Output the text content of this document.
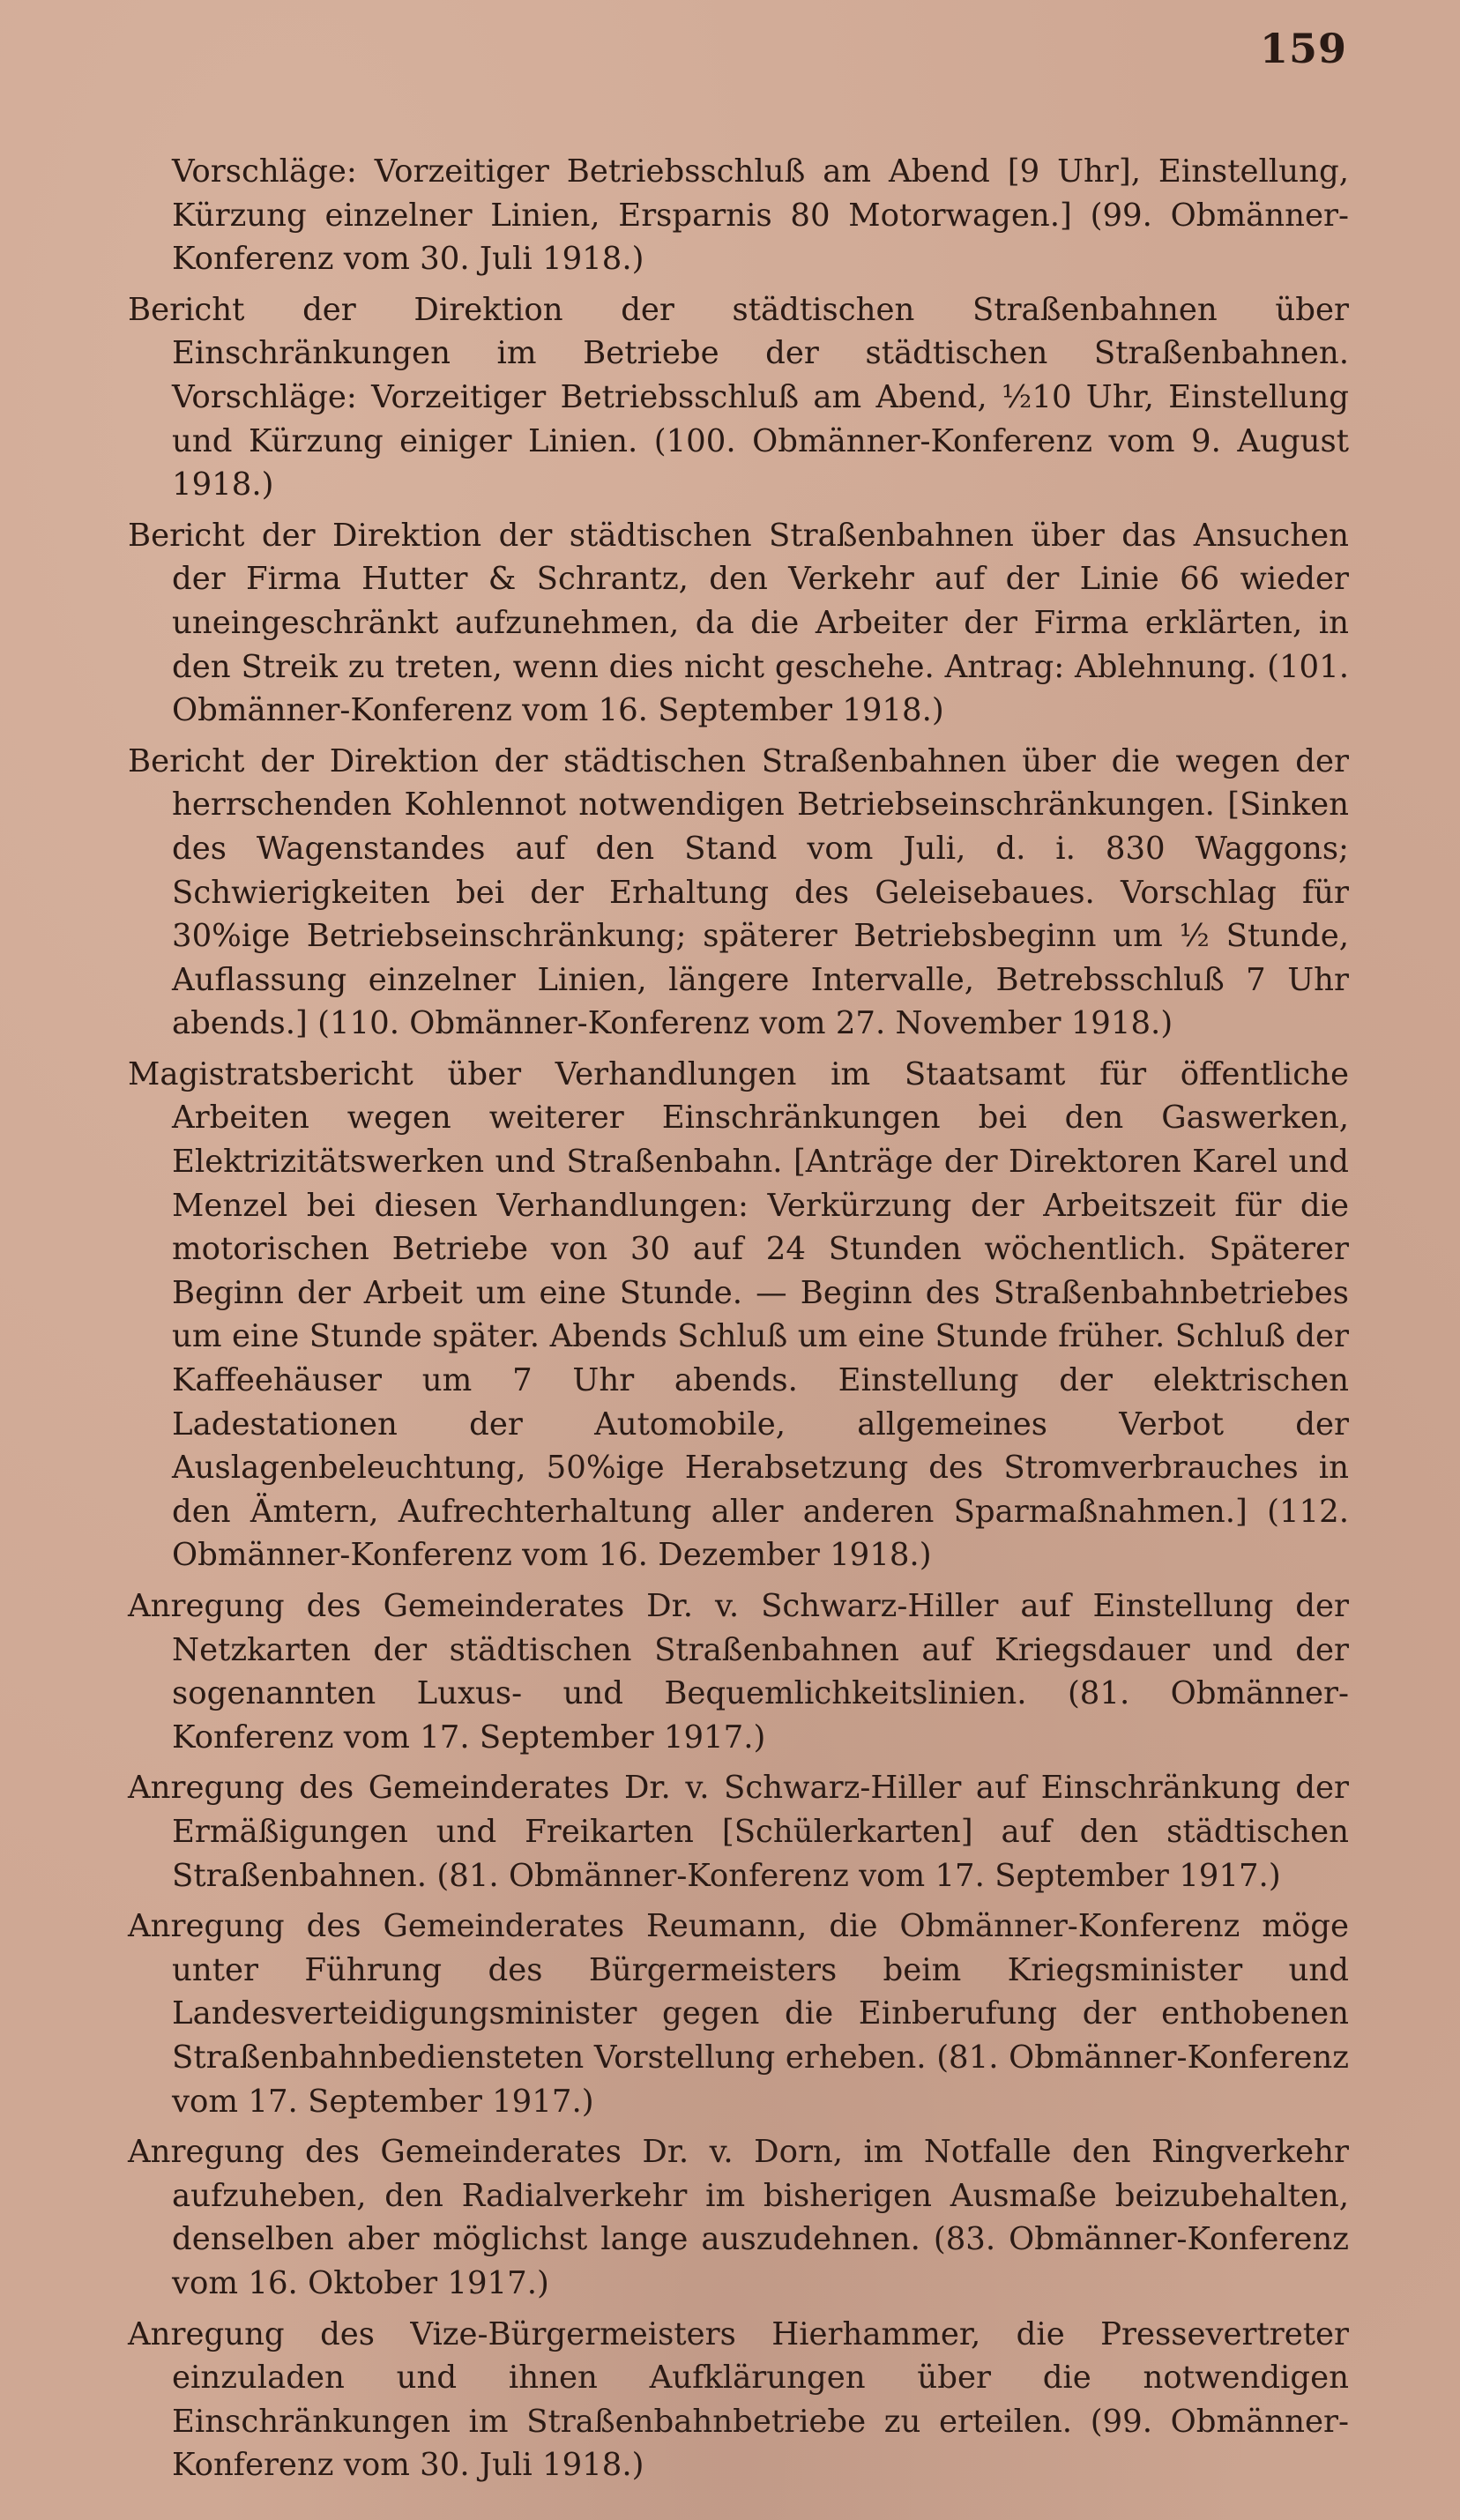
159

Vorschläge: Vorzeitiger Betriebsschluß am Abend [9 Uhr], Einstellung, Kürzung einzelner Linien, Ersparnis 80 Motorwagen.] (99. Obmänner-Konferenz vom 30. Juli 1918.)

Bericht der Direktion der städtischen Straßenbahnen über Einschränkungen im Betriebe der städtischen Straßenbahnen. Vorschläge: Vorzeitiger Betriebsschluß am Abend, ½10 Uhr, Einstellung und Kürzung einiger Linien. (100. Obmänner-Konferenz vom 9. August 1918.)

Bericht der Direktion der städtischen Straßenbahnen über das Ansuchen der Firma Hutter & Schrantz, den Verkehr auf der Linie 66 wieder uneingeschränkt aufzunehmen, da die Arbeiter der Firma erklärten, in den Streik zu treten, wenn dies nicht geschehe. Antrag: Ablehnung. (101. Obmänner-Konferenz vom 16. September 1918.)

Bericht der Direktion der städtischen Straßenbahnen über die wegen der herrschenden Kohlennot notwendigen Betriebseinschränkungen. [Sinken des Wagenstandes auf den Stand vom Juli, d. i. 830 Waggons; Schwierigkeiten bei der Erhaltung des Geleisebaues. Vorschlag für 30%ige Betriebseinschränkung; späterer Betriebsbeginn um ½ Stunde, Auflassung einzelner Linien, längere Intervalle, Betrebsschluß 7 Uhr abends.] (110. Obmänner-Konferenz vom 27. November 1918.)

Magistratsbericht über Verhandlungen im Staatsamt für öffentliche Arbeiten wegen weiterer Einschränkungen bei den Gaswerken, Elektrizitätswerken und Straßenbahn. [Anträge der Direktoren Karel und Menzel bei diesen Verhandlungen: Verkürzung der Arbeitszeit für die motorischen Betriebe von 30 auf 24 Stunden wöchentlich. Späterer Beginn der Arbeit um eine Stunde. — Beginn des Straßenbahnbetriebes um eine Stunde später. Abends Schluß um eine Stunde früher. Schluß der Kaffeehäuser um 7 Uhr abends. Einstellung der elektrischen Ladestationen der Automobile, allgemeines Verbot der Auslagenbeleuchtung, 50%ige Herabsetzung des Stromverbrauches in den Ämtern, Aufrechterhaltung aller anderen Sparmaßnahmen.] (112. Obmänner-Konferenz vom 16. Dezember 1918.)

Anregung des Gemeinderates Dr. v. Schwarz-Hiller auf Einstellung der Netzkarten der städtischen Straßenbahnen auf Kriegsdauer und der sogenannten Luxus- und Bequemlichkeitslinien. (81. Obmänner-Konferenz vom 17. September 1917.)

Anregung des Gemeinderates Dr. v. Schwarz-Hiller auf Einschränkung der Ermäßigungen und Freikarten [Schülerkarten] auf den städtischen Straßenbahnen. (81. Obmänner-Konferenz vom 17. September 1917.)

Anregung des Gemeinderates Reumann, die Obmänner-Konferenz möge unter Führung des Bürgermeisters beim Kriegsminister und Landesverteidigungsminister gegen die Einberufung der enthobenen Straßenbahnbediensteten Vorstellung erheben. (81. Obmänner-Konferenz vom 17. September 1917.)

Anregung des Gemeinderates Dr. v. Dorn, im Notfalle den Ringverkehr aufzuheben, den Radialverkehr im bisherigen Ausmaße beizubehalten, denselben aber möglichst lange auszudehnen. (83. Obmänner-Konferenz vom 16. Oktober 1917.)

Anregung des Vize-Bürgermeisters Hierhammer, die Pressevertreter einzuladen und ihnen Aufklärungen über die notwendigen Einschränkungen im Straßenbahnbetriebe zu erteilen. (99. Obmänner-Konferenz vom 30. Juli 1918.)
